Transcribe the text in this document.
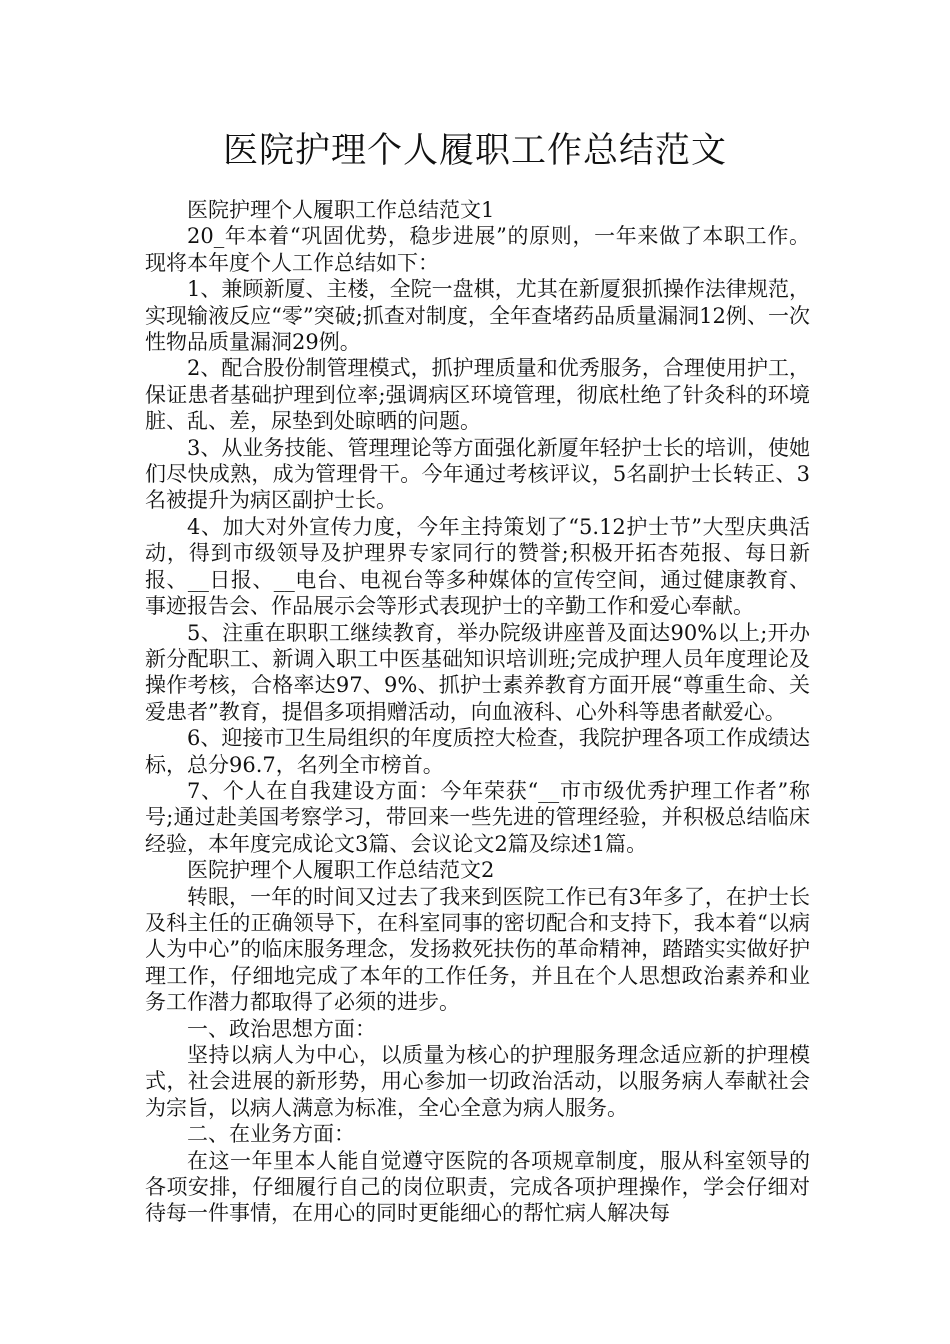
医院护理个人履职工作总结范文

医院护理个人履职工作总结范文1

20_年本着“巩固优势，稳步进展”的原则，一年来做了本职工作。现将本年度个人工作总结如下：

1、兼顾新厦、主楼，全院一盘棋，尤其在新厦狠抓操作法律规范，实现输液反应“零”突破;抓查对制度，全年查堵药品质量漏洞12例、一次性物品质量漏洞29例。

2、配合股份制管理模式，抓护理质量和优秀服务，合理使用护工，保证患者基础护理到位率;强调病区环境管理，彻底杜绝了针灸科的环境脏、乱、差，尿垫到处晾晒的问题。

3、从业务技能、管理理论等方面强化新厦年轻护士长的培训，使她们尽快成熟，成为管理骨干。今年通过考核评议，5名副护士长转正、3名被提升为病区副护士长。

4、加大对外宣传力度，今年主持策划了“5.12护士节”大型庆典活动，得到市级领导及护理界专家同行的赞誉;积极开拓杏苑报、每日新报、__日报、__电台、电视台等多种媒体的宣传空间，通过健康教育、事迹报告会、作品展示会等形式表现护士的辛勤工作和爱心奉献。

5、注重在职职工继续教育，举办院级讲座普及面达90%以上;开办新分配职工、新调入职工中医基础知识培训班;完成护理人员年度理论及操作考核，合格率达97、9%、抓护士素养教育方面开展“尊重生命、关爱患者”教育，提倡多项捐赠活动，向血液科、心外科等患者献爱心。

6、迎接市卫生局组织的年度质控大检查，我院护理各项工作成绩达标，总分96.7，名列全市榜首。

7、个人在自我建设方面：今年荣获“__市市级优秀护理工作者”称号;通过赴美国考察学习，带回来一些先进的管理经验，并积极总结临床经验，本年度完成论文3篇、会议论文2篇及综述1篇。

医院护理个人履职工作总结范文2

转眼，一年的时间又过去了我来到医院工作已有3年多了，在护士长及科主任的正确领导下，在科室同事的密切配合和支持下，我本着“以病人为中心”的临床服务理念，发扬救死扶伤的革命精神，踏踏实实做好护理工作，仔细地完成了本年的工作任务，并且在个人思想政治素养和业务工作潜力都取得了必须的进步。

一、政治思想方面：

坚持以病人为中心，以质量为核心的护理服务理念适应新的护理模式，社会进展的新形势，用心参加一切政治活动，以服务病人奉献社会为宗旨，以病人满意为标准，全心全意为病人服务。

二、在业务方面：

在这一年里本人能自觉遵守医院的各项规章制度，服从科室领导的各项安排，仔细履行自己的岗位职责，完成各项护理操作，学会仔细对待每一件事情，在用心的同时更能细心的帮忙病人解决每
